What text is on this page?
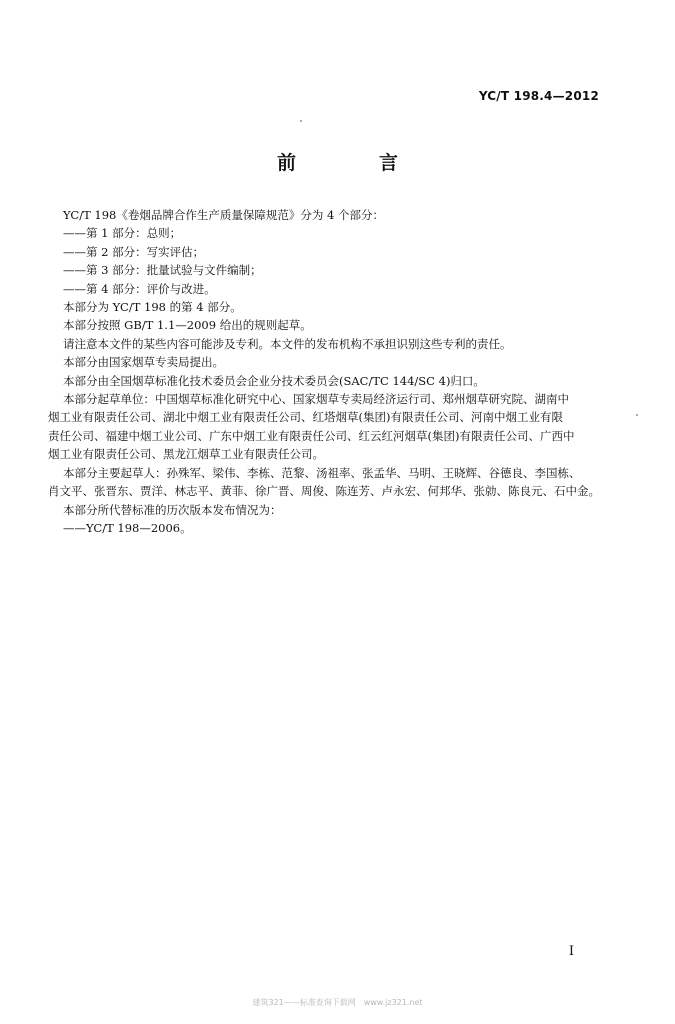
YC/T 198.4—2012
前　言

YC/T 198《卷烟品牌合作生产质量保障规范》分为 4 个部分：

——第 1 部分：总则；

——第 2 部分：写实评估；

——第 3 部分：批量试验与文件编制；

——第 4 部分：评价与改进。

本部分为 YC/T 198 的第 4 部分。

本部分按照 GB/T 1.1—2009 给出的规则起草。

请注意本文件的某些内容可能涉及专利。本文件的发布机构不承担识别这些专利的责任。

本部分由国家烟草专卖局提出。

本部分由全国烟草标准化技术委员会企业分技术委员会(SAC/TC 144/SC 4)归口。

本部分起草单位：中国烟草标准化研究中心、国家烟草专卖局经济运行司、郑州烟草研究院、湖南中

烟工业有限责任公司、湖北中烟工业有限责任公司、红塔烟草(集团)有限责任公司、河南中烟工业有限

责任公司、福建中烟工业公司、广东中烟工业有限责任公司、红云红河烟草(集团)有限责任公司、广西中

烟工业有限责任公司、黑龙江烟草工业有限责任公司。

本部分主要起草人：孙殊军、梁伟、李栋、范黎、汤祖率、张孟华、马明、王晓辉、谷德良、李国栋、

肖文平、张晋东、贾洋、林志平、黄菲、徐广晋、周俊、陈连芳、卢永宏、何邦华、张勍、陈良元、石中金。

本部分所代替标准的历次版本发布情况为：

——YC/T 198—2006。

I
建筑321——标准查询下载网　www.jz321.net
